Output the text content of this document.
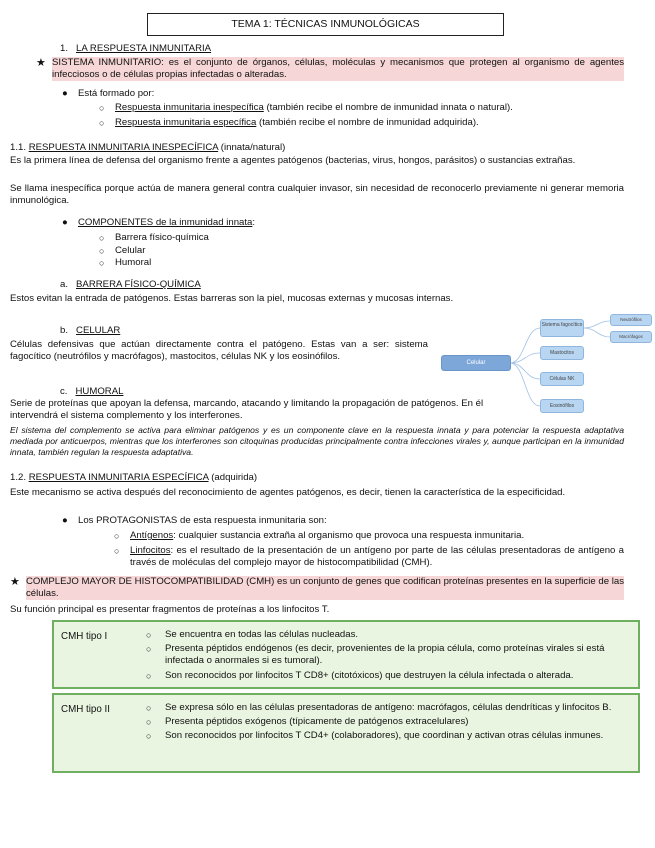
TEMA 1: TÉCNICAS INMUNOLÓGICAS
1. LA RESPUESTA INMUNITARIA
★ SISTEMA INMUNITARIO: es el conjunto de órganos, células, moléculas y mecanismos que protegen al organismo de agentes infecciosos o de células propias infectadas o alteradas.
● Está formado por:
○ Respuesta inmunitaria inespecífica (también recibe el nombre de inmunidad innata o natural).
○ Respuesta inmunitaria específica (también recibe el nombre de inmunidad adquirida).
1.1. RESPUESTA INMUNITARIA INESPECÍFICA (innata/natural)
Es la primera línea de defensa del organismo frente a agentes patógenos (bacterias, virus, hongos, parásitos) o sustancias extrañas.
Se llama inespecífica porque actúa de manera general contra cualquier invasor, sin necesidad de reconocerlo previamente ni generar memoria inmunológica.
● COMPONENTES de la inmunidad innata:
○ Barrera físico-química
○ Celular
○ Humoral
a. BARRERA FÍSICO-QUÍMICA
Estos evitan la entrada de patógenos. Estas barreras son la piel, mucosas externas y mucosas internas.
b. CELULAR
Células defensivas que actúan directamente contra el patógeno. Estas van a ser: sistema fagocítico (neutrófilos y macrófagos), mastocitos, células NK y los eosinófilos.
c. HUMORAL
Serie de proteínas que apoyan la defensa, marcando, atacando y limitando la propagación de patógenos. En él intervendrá el sistema complemento y los interferones.
Celular
Sistema fagocítico
Mastocitos
Células NK
Eosinófilos
Neutrófilos
Macrófagos
El sistema del complemento se activa para eliminar patógenos y es un componente clave en la respuesta innata y para potenciar la respuesta adaptativa mediada por anticuerpos, mientras que los interferones son citoquinas producidas principalmente contra infecciones virales y, aunque participan en la inmunidad innata, también regulan la respuesta adaptativa.
1.2. RESPUESTA INMUNITARIA ESPECÍFICA (adquirida)
Este mecanismo se activa después del reconocimiento de agentes patógenos, es decir, tienen la característica de la especificidad.
● Los PROTAGONISTAS de esta respuesta inmunitaria son:
○ Antígenos: cualquier sustancia extraña al organismo que provoca una respuesta inmunitaria.
○ Linfocitos: es el resultado de la presentación de un antígeno por parte de las células presentadoras de antígeno a través de moléculas del complejo mayor de histocompatibilidad (CMH).
★ COMPLEJO MAYOR DE HISTOCOMPATIBILIDAD (CMH) es un conjunto de genes que codifican proteínas presentes en la superficie de las células.
Su función principal es presentar fragmentos de proteínas a los linfocitos T.
CMH tipo I	○ Se encuentra en todas las células nucleadas.
○ Presenta péptidos endógenos (es decir, provenientes de la propia célula, como proteínas virales si está infectada o anormales si es tumoral).
○ Son reconocidos por linfocitos T CD8+ (citotóxicos) que destruyen la célula infectada o alterada.
CMH tipo II	○ Se expresa sólo en las células presentadoras de antígeno: macrófagos, células dendríticas y linfocitos B.
○ Presenta péptidos exógenos (típicamente de patógenos extracelulares)
○ Son reconocidos por linfocitos T CD4+ (colaboradores), que coordinan y activan otras células inmunes.
